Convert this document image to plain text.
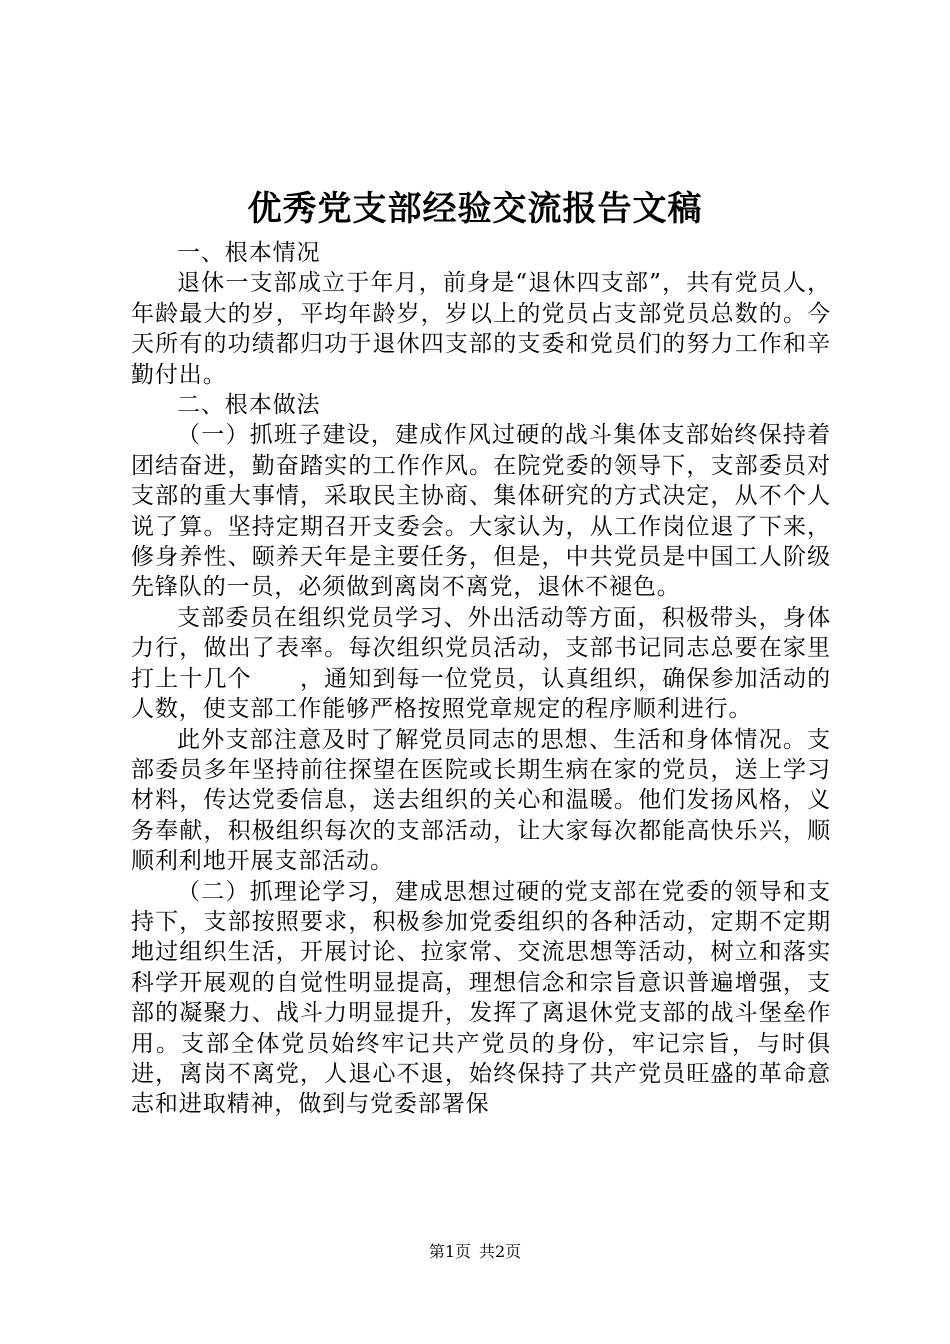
优秀党支部经验交流报告文稿

一、根本情况

退休一支部成立于年月，前身是“退休四支部”，共有党员人，年龄最大的岁，平均年龄岁，岁以上的党员占支部党员总数的。今天所有的功绩都归功于退休四支部的支委和党员们的努力工作和辛勤付出。

二、根本做法

（一）抓班子建设，建成作风过硬的战斗集体支部始终保持着团结奋进，勤奋踏实的工作作风。在院党委的领导下，支部委员对支部的重大事情，采取民主协商、集体研究的方式决定，从不个人说了算。坚持定期召开支委会。大家认为，从工作岗位退了下来，修身养性、颐养天年是主要任务，但是，中共党员是中国工人阶级先锋队的一员，必须做到离岗不离党，退休不褪色。

支部委员在组织党员学习、外出活动等方面，积极带头，身体力行，做出了表率。每次组织党员活动，支部书记同志总要在家里打上十几个　　，通知到每一位党员，认真组织，确保参加活动的人数，使支部工作能够严格按照党章规定的程序顺利进行。

此外支部注意及时了解党员同志的思想、生活和身体情况。支部委员多年坚持前往探望在医院或长期生病在家的党员，送上学习材料，传达党委信息，送去组织的关心和温暖。他们发扬风格，义务奉献，积极组织每次的支部活动，让大家每次都能高快乐兴，顺顺利利地开展支部活动。

（二）抓理论学习，建成思想过硬的党支部在党委的领导和支持下，支部按照要求，积极参加党委组织的各种活动，定期不定期地过组织生活，开展讨论、拉家常、交流思想等活动，树立和落实科学开展观的自觉性明显提高，理想信念和宗旨意识普遍增强，支部的凝聚力、战斗力明显提升，发挥了离退休党支部的战斗堡垒作用。支部全体党员始终牢记共产党员的身份，牢记宗旨，与时俱进，离岗不离党，人退心不退，始终保持了共产党员旺盛的革命意志和进取精神，做到与党委部署保

第1页 共2页
